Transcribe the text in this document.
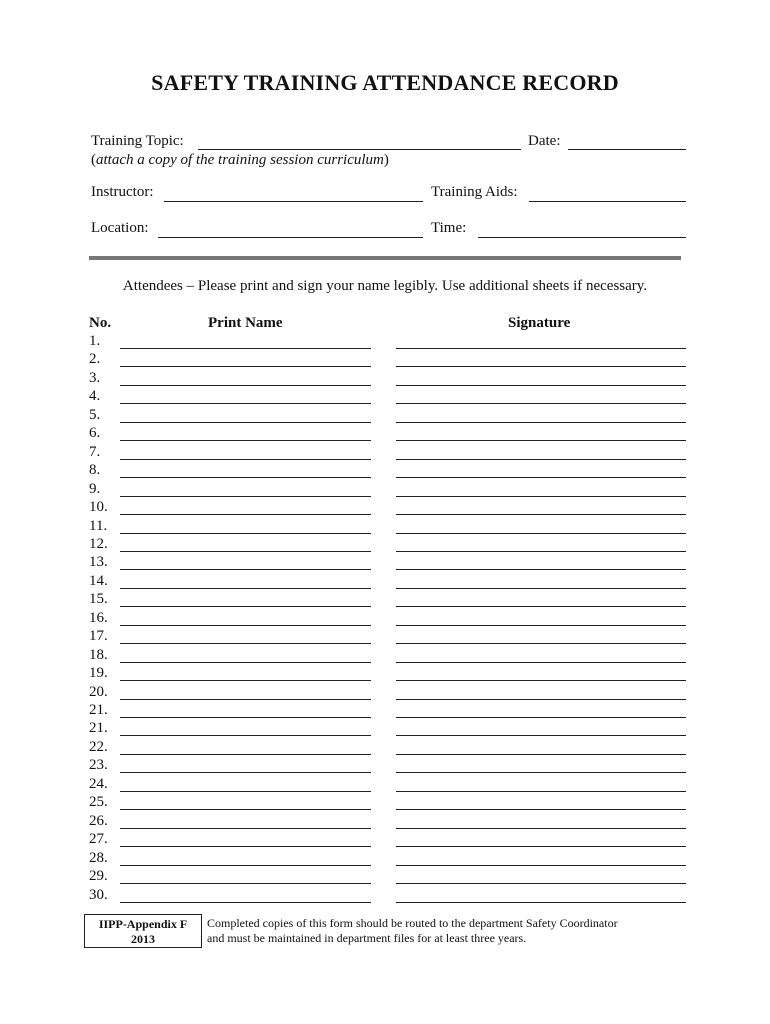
SAFETY TRAINING ATTENDANCE RECORD
Training Topic:	Date:
(attach a copy of the training session curriculum)
Instructor:	Training Aids:
Location:	Time:
Attendees – Please print and sign your name legibly. Use additional sheets if necessary.
No.	Print Name	Signature
1.
2.
3.
4.
5.
6.
7.
8.
9.
10.
11.
12.
13.
14.
15.
16.
17.
18.
19.
20.
21.
21.
22.
23.
24.
25.
26.
27.
28.
29.
30.
IIPP-Appendix F
2013
Completed copies of this form should be routed to the department Safety Coordinator
and must be maintained in department files for at least three years.
